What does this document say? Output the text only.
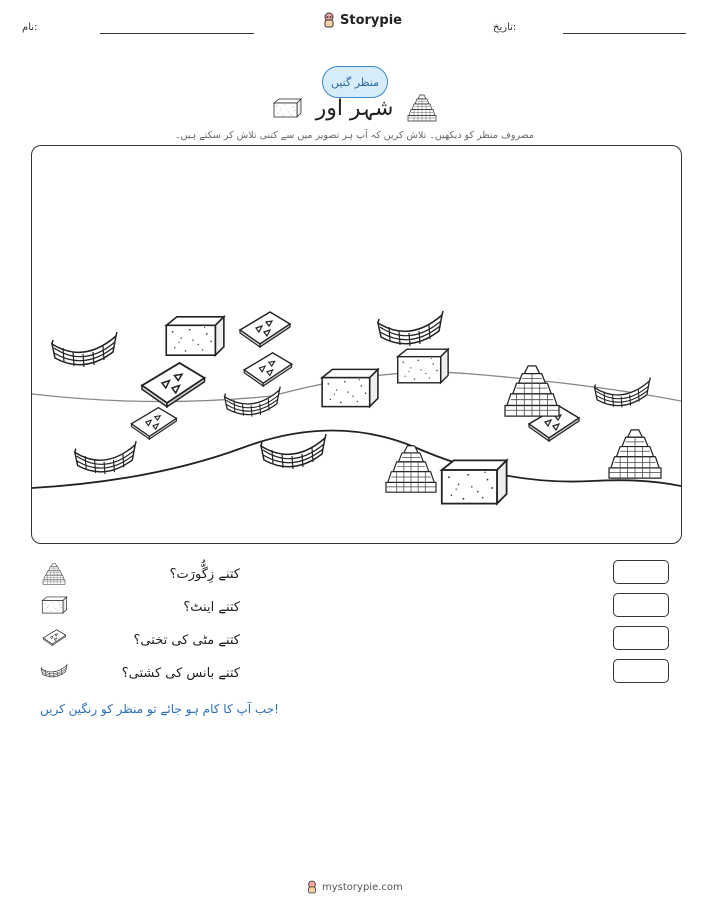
نام:	Storypie	تاریخ:
منظر گنیں
شہر اور
مصروف منظر کو دیکھیں۔ تلاش کریں کہ آپ ہر تصویر میں سے کتنی تلاش کر سکتے ہیں۔
کتنے زِگُّورَت؟
کتنے اینٹ؟
کتنے مٹی کی تختی؟
کتنے بانس کی کشتی؟
جب آپ کا کام ہو جائے تو منظر کو رنگین کریں!
mystorypie.com
